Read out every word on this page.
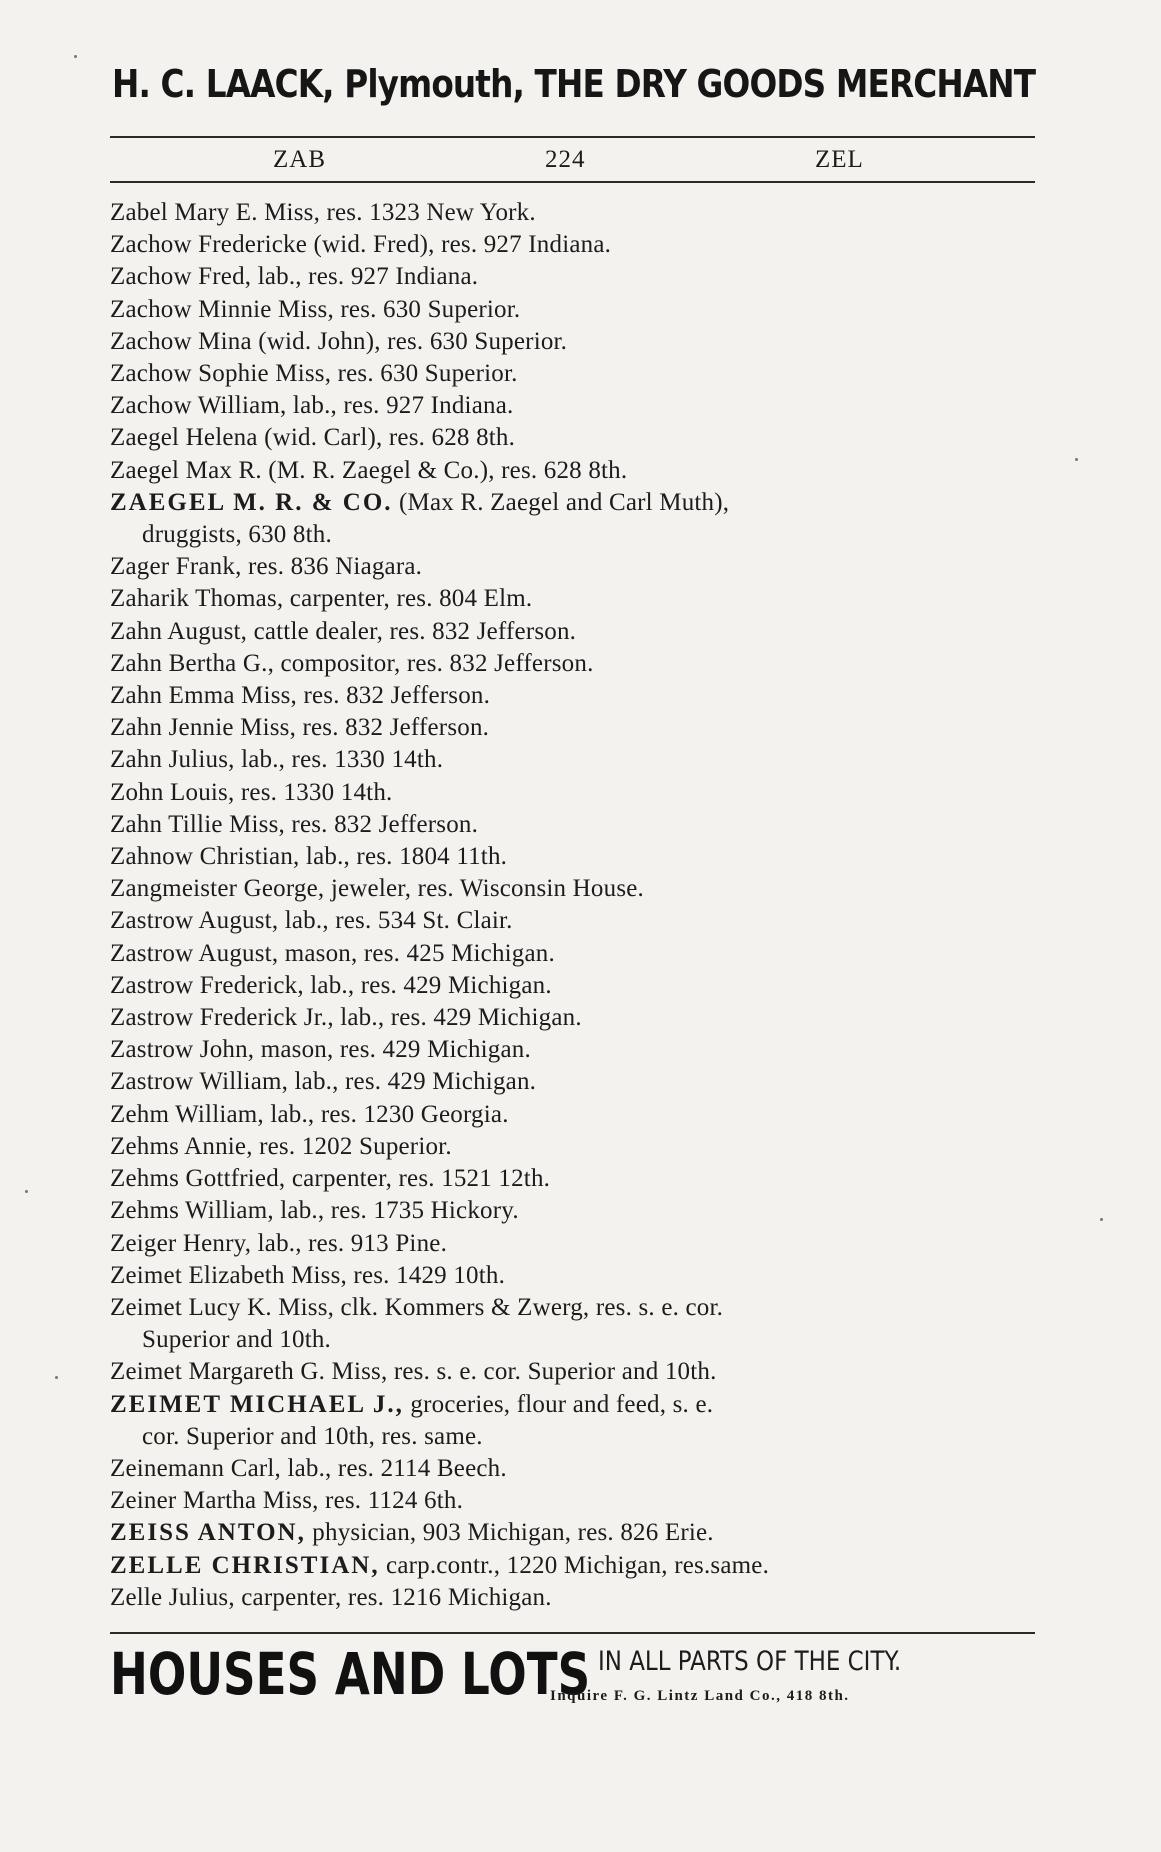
H. C. LAACK, Plymouth, THE DRY GOODS MERCHANT
ZAB	224	ZEL
Zabel Mary E. Miss, res. 1323 New York.
Zachow Fredericke (wid. Fred), res. 927 Indiana.
Zachow Fred, lab., res. 927 Indiana.
Zachow Minnie Miss, res. 630 Superior.
Zachow Mina (wid. John), res. 630 Superior.
Zachow Sophie Miss, res. 630 Superior.
Zachow William, lab., res. 927 Indiana.
Zaegel Helena (wid. Carl), res. 628 8th.
Zaegel Max R. (M. R. Zaegel & Co.), res. 628 8th.
ZAEGEL M. R. & CO. (Max R. Zaegel and Carl Muth),
druggists, 630 8th.
Zager Frank, res. 836 Niagara.
Zaharik Thomas, carpenter, res. 804 Elm.
Zahn August, cattle dealer, res. 832 Jefferson.
Zahn Bertha G., compositor, res. 832 Jefferson.
Zahn Emma Miss, res. 832 Jefferson.
Zahn Jennie Miss, res. 832 Jefferson.
Zahn Julius, lab., res. 1330 14th.
Zohn Louis, res. 1330 14th.
Zahn Tillie Miss, res. 832 Jefferson.
Zahnow Christian, lab., res. 1804 11th.
Zangmeister George, jeweler, res. Wisconsin House.
Zastrow August, lab., res. 534 St. Clair.
Zastrow August, mason, res. 425 Michigan.
Zastrow Frederick, lab., res. 429 Michigan.
Zastrow Frederick Jr., lab., res. 429 Michigan.
Zastrow John, mason, res. 429 Michigan.
Zastrow William, lab., res. 429 Michigan.
Zehm William, lab., res. 1230 Georgia.
Zehms Annie, res. 1202 Superior.
Zehms Gottfried, carpenter, res. 1521 12th.
Zehms William, lab., res. 1735 Hickory.
Zeiger Henry, lab., res. 913 Pine.
Zeimet Elizabeth Miss, res. 1429 10th.
Zeimet Lucy K. Miss, clk. Kommers & Zwerg, res. s. e. cor.
Superior and 10th.
Zeimet Margareth G. Miss, res. s. e. cor. Superior and 10th.
ZEIMET MICHAEL J., groceries, flour and feed, s. e.
cor. Superior and 10th, res. same.
Zeinemann Carl, lab., res. 2114 Beech.
Zeiner Martha Miss, res. 1124 6th.
ZEISS ANTON, physician, 903 Michigan, res. 826 Erie.
ZELLE CHRISTIAN, carp.contr., 1220 Michigan, res.same.
Zelle Julius, carpenter, res. 1216 Michigan.
HOUSES AND LOTS IN ALL PARTS OF THE CITY.
Inquire F. G. Lintz Land Co., 418 8th.
